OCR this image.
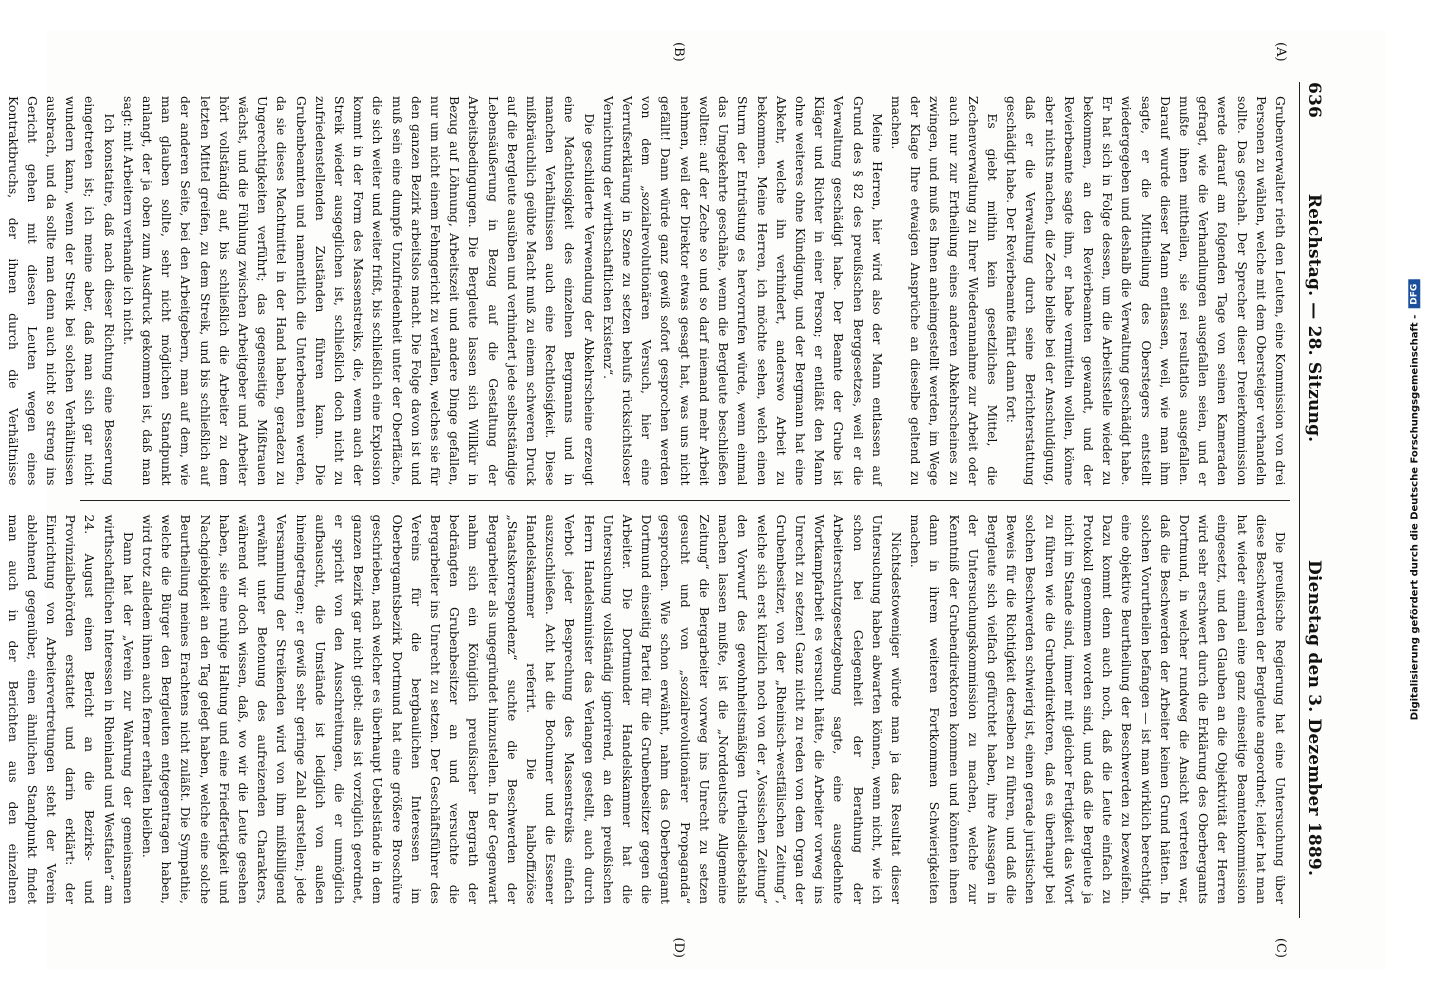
636
Reichstag. — 28. Sitzung.
Dienstag den 3. Dezember 1889.
(A)
(B)
(C)
(D)

Grubenverwalter rieth den Leuten, eine Kommission von drei Personen zu wählen, welche mit dem Obersteiger verhandeln sollte. Das geschah. Der Sprecher dieser Dreierkommission werde darauf am folgenden Tage von seinen Kameraden gefragt, wie die Verhandlungen ausgefallen seien, und er mußte ihnen mittheilen, sie sei resultatlos ausgefallen. Darauf wurde dieser Mann entlassen, weil, wie man ihm sagte, er die Mittheilung des Oberstegers entstellt wiedergegeben und deshalb die Verwaltung geschädigt habe. Er hat sich in Folge dessen, um die Arbeitsstelle wieder zu bekommen, an den Revierbeamten gewandt, und der Revierbeamte sagte ihm, er habe vermitteln wollen, könne aber nichts machen, die Zeche bleibe bei der Anschuldigung, daß er die Verwaltung durch seine Berichterstattung geschädigt habe. Der Revierbeamte fährt dann fort:

Es giebt mithin kein gesetzliches Mittel, die Zechenverwaltung zu Ihrer Wiederannahme zur Arbeit oder auch nur zur Ertheilung eines anderen Abkehrscheines zu zwingen, und muß es Ihnen anheimgestellt werden, im Wege der Klage Ihre etwaigen Ansprüche an dieselbe geltend zu machen.

Meine Herren, hier wird also der Mann entlassen auf Grund des § 82 des preußischen Berggesetzes, weil er die Verwaltung geschädigt habe. Der Beamte der Grube ist Kläger und Richter in einer Person; er entläßt den Mann ohne weiteres ohne Kündigung, und der Bergmann hat eine Abkehr, welche ihn verhindert, anderswo Arbeit zu bekommen. Meine Herren, ich möchte sehen, welch einen Sturm der Entrüstung es hervorrufen würde, wenn einmal das Umgekehrte geschähe, wenn die Bergleute beschließen wollten: auf der Zeche so und so darf niemand mehr Arbeit nehmen, weil der Direktor etwas gesagt hat, was uns nicht gefällt! Dann würde ganz gewiß sofort gesprochen werden von dem „sozialrevolutionären Versuch, hier eine Verrufserklärung in Szene zu setzen behufs rücksichtsloser Vernichtung der wirthschaftlichen Existenz“.

Die geschilderte Verwendung der Abkehrscheine erzeugt eine Machtlosigkeit des einzelnen Bergmanns und in manchen Verhältnissen auch eine Rechtlosigkeit. Diese mißbräuchlich geübte Macht muß zu einem schweren Druck auf die Bergleute ausüben und verhindert jede selbstständige Lebensäußerung in Bezug auf die Gestaltung der Arbeitsbedingungen. Die Bergleute lassen sich Willkür in Bezug auf Löhnung, Arbeitszeit und andere Dinge gefallen, nur um nicht einem Fehmgericht zu verfallen, welches sie für den ganzen Bezirk arbeitslos macht. Die Folge davon ist und muß sein eine dumpfe Unzufriedenheit unter der Oberfläche, die sich weiter und weiter frißt, bis schließlich eine Explosion kommt in der Form des Massenstreiks, die, wenn auch der Streik wieder ausgeglichen ist, schließlich doch nicht zu zufriedenstellenden Zuständen führen kann. Die Grubenbeamten und namentlich die Unterbeamten werden, da sie dieses Machtmittel in der Hand haben, geradezu zu Ungerechtigkeiten verführt; das gegenseitige Mißtrauen wächst, und die Fühlung zwischen Arbeitgeber und Arbeiter hört vollständig auf, bis schließlich die Arbeiter zu dem letzten Mittel greifen, zu dem Streik, und bis schließlich auf der anderen Seite, bei den Arbeitgebern, man auf dem, wie man glauben sollte, sehr nicht möglichen Standpunkt anlangt, der ja oben zum Ausdruck gekommen ist, daß man sagt: mit Arbeitern verhandle ich nicht.

Ich konstatire, daß nach dieser Richtung eine Besserung eingetreten ist; ich meine aber, daß man sich gar nicht wundern kann, wenn der Streik bei solchen Verhältnissen ausbrach, und da sollte man denn auch nicht so streng ins Gericht gehen mit diesen Leuten wegen eines Kontraktbruchs, der ihnen durch die Verhältnisse

Die preußische Regierung hat eine Untersuchung über diese Beschwerden der Bergleute angeordnet; leider hat man hat wieder einmal eine ganz einseitige Beamtenkommission eingesetzt, und den Glauben an die Objektivität der Herren wird sehr erschwert durch die Erklärung des Oberbergamts Dortmund, in welcher rundweg die Ansicht vertreten war, daß die Beschwerden der Arbeiter keinen Grund hätten. In solchen Vorurtheilen befangen — ist man wirklich berechtigt, eine objektive Beurtheilung der Beschwerden zu bezweifeln. Dazu kommt denn auch noch, daß die Leute einfach zu Protokoll genommen worden sind, und daß die Bergleute ja nicht im Stande sind, immer mit gleicher Fertigkeit das Wort zu führen wie die Grubendirektoren, daß es überhaupt bei solchen Beschwerden schwierig ist, einen gerade juristischen Beweis für die Richtigkeit derselben zu führen, und daß die Bergleute sich vielfach gefürchtet haben, ihre Aussagen in der Untersuchungskommission zu machen, welche zur Kenntniß der Grubendirektoren kommen und könnten ihnen dann in ihrem weiteren Fortkommen Schwierigkeiten machen.

Nichtsdestoweniger würde man ja das Resultat dieser Untersuchung haben abwarten können, wenn nicht, wie ich schon bei Gelegenheit der Berathung der Arbeiterschutzgesetzgebung sagte, eine ausgedehnte Wortkampfarbeit es versucht hätte, die Arbeiter vorweg ins Unrecht zu setzen! Ganz nicht zu reden von dem Organ der Grubenbesitzer, von der „Rheinisch-westfälischen Zeitung“, welche sich erst kürzlich noch von der „Vossischen Zeitung“ den Vorwurf des gewohnheitsmäßigen Urtheilsdiebstahls machen lassen mußte, ist die „Norddeutsche Allgemeine Zeitung“ die Bergarbeiter vorweg ins Unrecht zu setzen gesucht und von „sozialrevolutionärer Propaganda“ gesprochen. Wie schon erwähnt, nahm das Oberbergamt Dortmund einseitig Partei für die Grubenbesitzer gegen die Arbeiter. Die Dortmunder Handelskammer hat die Untersuchung vollständig ignorirend, an den preußischen Herrn Handelsminister das Verlangen gestellt, auch durch Verbot jeder Besprechung des Massenstreiks einfach auszuschließen. Acht hat die Bochumer und die Essener Handelskammer referirt. Die halboffiziöse „Staatskorrespondenz“ suchte die Beschwerden der Bergarbeiter als ungegründet hinzustellen. In der Gegenwart nahm sich ein Königlich preußischer Bergrath der bedrängten Grubenbesitzer an und versuchte die Bergarbeiter ins Unrecht zu setzen. Der Geschäftsführer des Vereins für die bergbaulichen Interessen im Oberbergamtsbezirk Dortmund hat eine größere Broschüre geschrieben, nach welcher es überhaupt Uebelstände in dem ganzen Bezirk gar nicht giebt: alles ist vorzüglich geordnet, er spricht von den Ausschreitungen, die er unmöglich aufbauscht, die Umstände ist lediglich von außen hineingetragen; er gewiß sehr geringe Zahl darstellen; jede Versammlung der Streikenden wird von ihm mißbilligend erwähnt unter Betonung des aufreizenden Charakters, während wir doch wissen, daß, wo wir die Leute gesehen haben, sie eine ruhige Haltung und eine Friedfertigkeit und Nachgiebigkeit an den Tag gelegt haben, welche eine solche Beurtheilung meines Erachtens nicht zuläßt. Die Sympathie, welche die Bürger den Bergleuten entgegentragen haben, wird trotz alledem ihnen auch ferner erhalten bleiben.

Dann hat der „Verein zur Wahrung der gemeinsamen wirthschaftlichen Interessen in Rheinland und Westfalen“ am 24. August einen Bericht an die Bezirks- und Provinzialbehörden erstattet und darin erklärt: der Einrichtung von Arbeitervertretungen steht der Verein ablehnend gegenüber, einen ähnlichen Standpunkt findet man auch in der Berichten aus den einzelnen

Digitalisierung gefördert durch die Deutsche Forschungsgemeinschaft -
DFG
